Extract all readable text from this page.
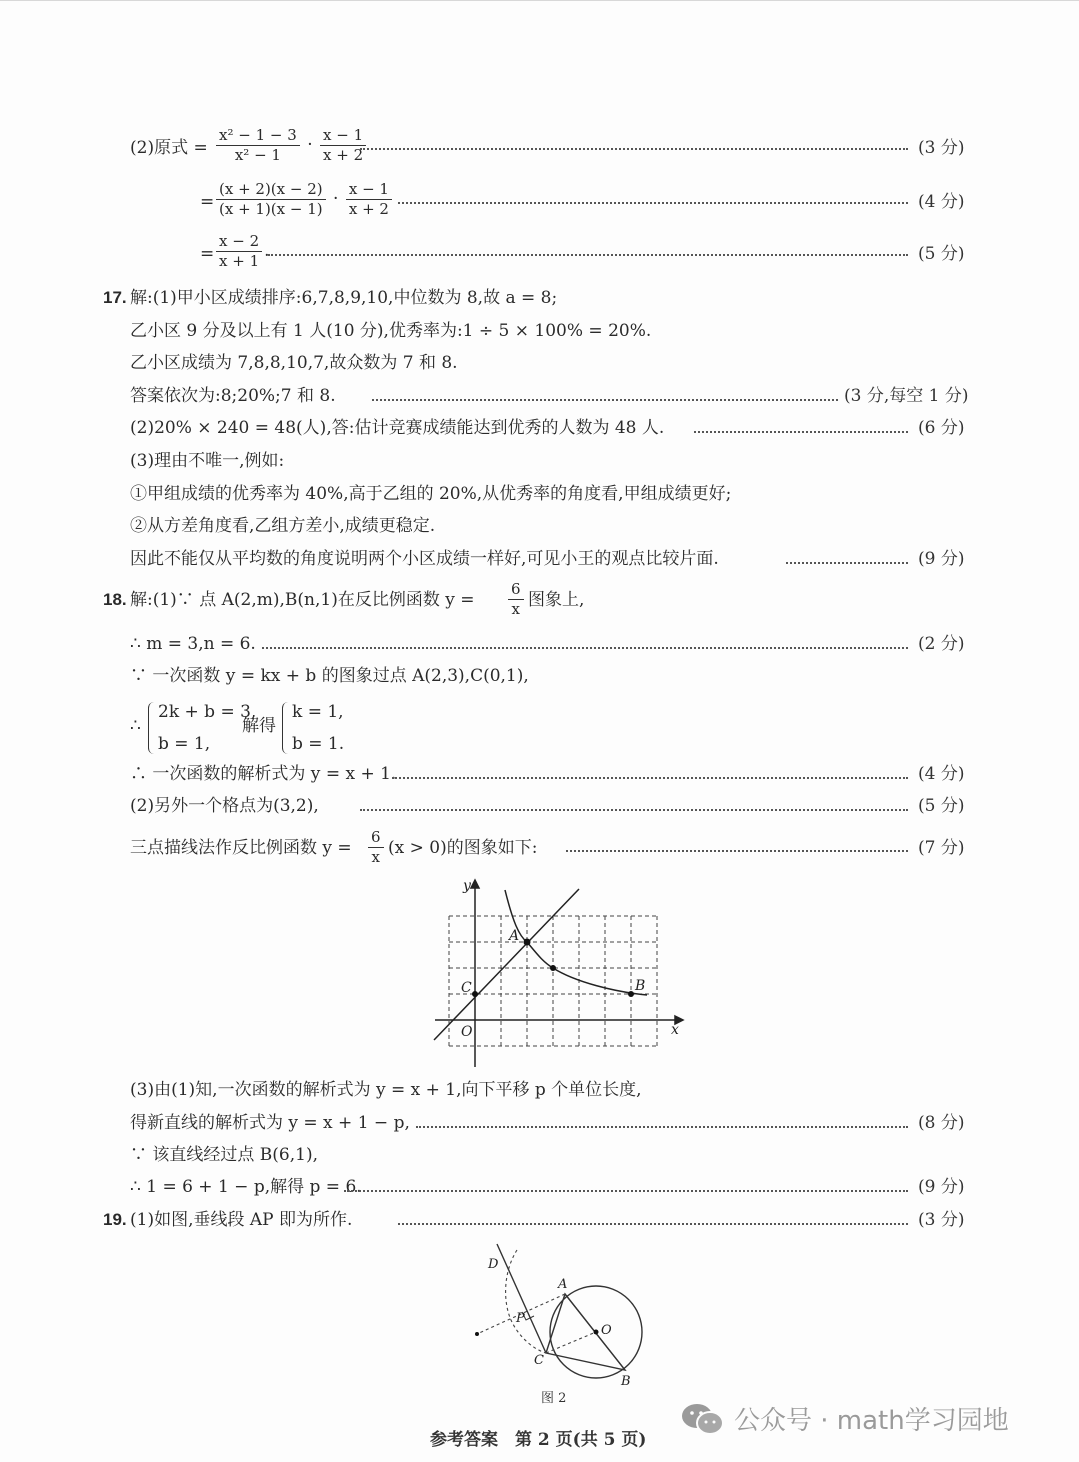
(2)原式 = $\frac{\text{x² − 1 − 3}}{\text{x² − 1}} \cdot \frac{x - 1}{x + 2}$	(3 分)
= $\frac{(x + 2)(x - 2)}{(x + 1)(x - 1)} \cdot \frac{x - 1}{x + 2}$	(4 分)
= $\frac{x - 2}{x + 1}$ .	(5 分)
17. 解:(1)甲小区成绩排序:6,7,8,9,10,中位数为 8,故 a = 8;
乙小区 9 分及以上有 1 人(10 分),优秀率为:1 ÷ 5 × 100% = 20%.
乙小区成绩为 7,8,8,10,7,故众数为 7 和 8.
答案依次为:8;20%;7 和 8.	(3 分,每空 1 分)
(2)20% × 240 = 48(人),答:估计竞赛成绩能达到优秀的人数为 48 人.	(6 分)
(3)理由不唯一,例如:
①甲组成绩的优秀率为 40%,高于乙组的 20%,从优秀率的角度看,甲组成绩更好;
②从方差角度看,乙组方差小,成绩更稳定.
因此不能仅从平均数的角度说明两个小区成绩一样好,可见小王的观点比较片面.	(9 分)
18. 解:(1)∵ 点 A(2,m),B(n,1)在反比例函数 $y = \frac{6}{x}$ 图象上,
∴ m = 3,n = 6.	(2 分)
∵ 一次函数 y = kx + b 的图象过点 A(2,3),C(0,1),
∴
2k + b = 3,
b = 1,
解得
k = 1,
b = 1.
∴ 一次函数的解析式为 y = x + 1.	(4 分)
(2)另外一个格点为(3,2),	(5 分)
三点描线法作反比例函数 $y = \frac{6}{x} (x > 0)$的图象如下:	(7 分)
y
x
O
A
B
C
(3)由(1)知,一次函数的解析式为 y = x + 1,向下平移 p 个单位长度,
得新直线的解析式为 y = x + 1 − p,	(8 分)
∵ 该直线经过点 B(6,1),
∴ 1 = 6 + 1 − p,解得 p = 6.	(9 分)
19. (1)如图,垂线段 AP 即为所作.	(3 分)
D
A
P
O
C
B
图 2
参考答案　第 2 页(共 5 页)
公众号 · math学习园地
